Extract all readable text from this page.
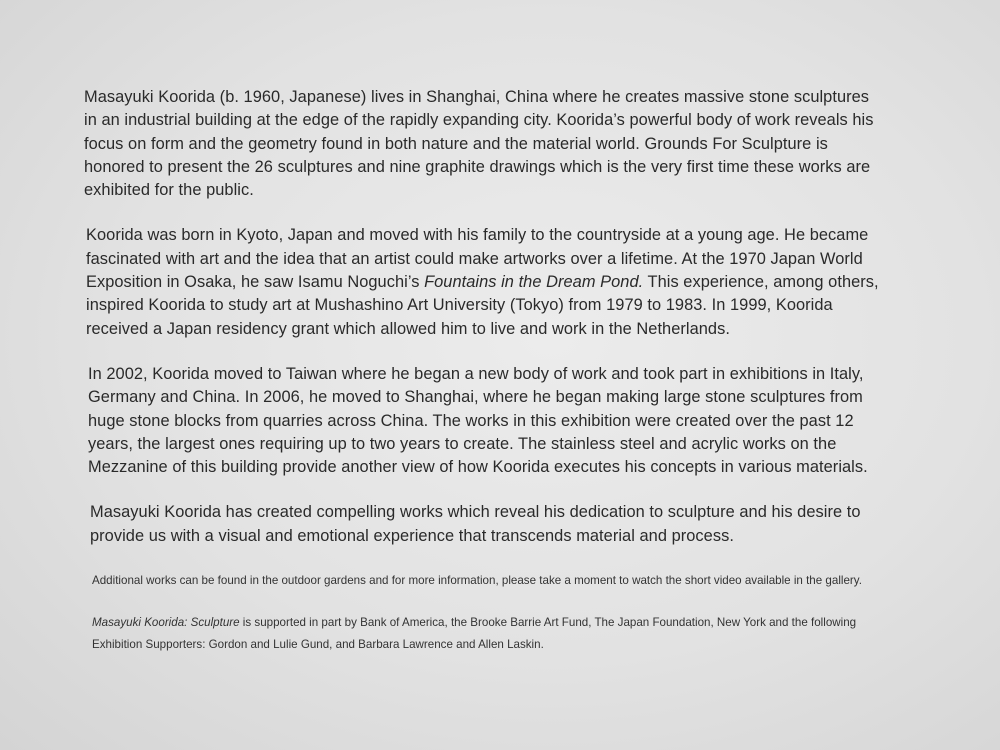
Masayuki Koorida (b. 1960, Japanese) lives in Shanghai, China where he creates massive stone sculptures in an industrial building at the edge of the rapidly expanding city. Koorida’s powerful body of work reveals his focus on form and the geometry found in both nature and the material world. Grounds For Sculpture is honored to present the 26 sculptures and nine graphite drawings which is the very first time these works are exhibited for the public.

Koorida was born in Kyoto, Japan and moved with his family to the countryside at a young age. He became fascinated with art and the idea that an artist could make artworks over a lifetime. At the 1970 Japan World Exposition in Osaka, he saw Isamu Noguchi’s Fountains in the Dream Pond. This experience, among others, inspired Koorida to study art at Mushashino Art University (Tokyo) from 1979 to 1983. In 1999, Koorida received a Japan residency grant which allowed him to live and work in the Netherlands.

In 2002, Koorida moved to Taiwan where he began a new body of work and took part in exhibitions in Italy, Germany and China. In 2006, he moved to Shanghai, where he began making large stone sculptures from huge stone blocks from quarries across China. The works in this exhibition were created over the past 12 years, the largest ones requiring up to two years to create. The stainless steel and acrylic works on the Mezzanine of this building provide another view of how Koorida executes his concepts in various materials.

Masayuki Koorida has created compelling works which reveal his dedication to sculpture and his desire to provide us with a visual and emotional experience that transcends material and process.

Additional works can be found in the outdoor gardens and for more information, please take a moment to watch the short video available in the gallery.

Masayuki Koorida: Sculpture is supported in part by Bank of America, the Brooke Barrie Art Fund, The Japan Foundation, New York and the following Exhibition Supporters: Gordon and Lulie Gund, and Barbara Lawrence and Allen Laskin.
